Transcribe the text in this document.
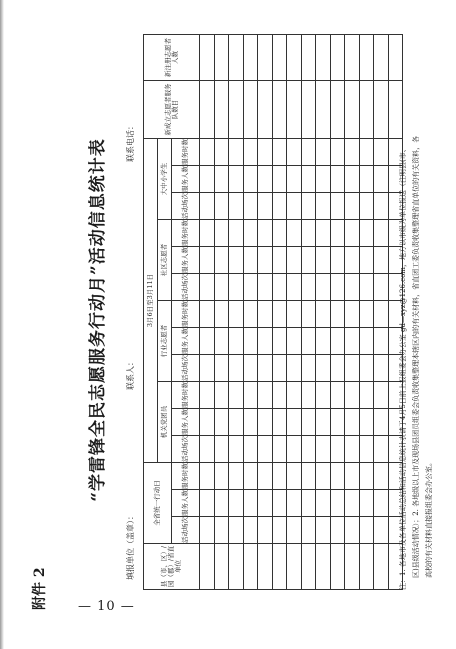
— 10 —
附件 2
“学雷锋全民志愿服务行动月”活动信息统计表
填报单位（盖章）：
联系人：
联系电话：
县（市、区）/园（郡）/省直单位	全省统一行动日			3月6日至3月11日												新成立志愿者服务队数目	新注册志愿者人数
				机关党团员			行业志愿者			社区志愿者			大中小学生				
	活动场次	服务人数	服务时数	活动场次	服务人数	服务时数	活动场次	服务人数	服务时数	活动场次	服务人数	服务时数	活动场次	服务人数	服务时数		

																		注：1. 各地市及各单位活动总结和活动信息统计表请于4月5日前上报组委会办公室 gd—xyz@126.com，地方以市级为单位报送（注明县(市、 区)县级活动情况）；2. 各地级以上市及现场县团员组委会负责收集整理本辖区内的有关材料，省直团工委负责收集整理省直单位的有关资料，各 高校的有关材料直接报组委会办公室。
